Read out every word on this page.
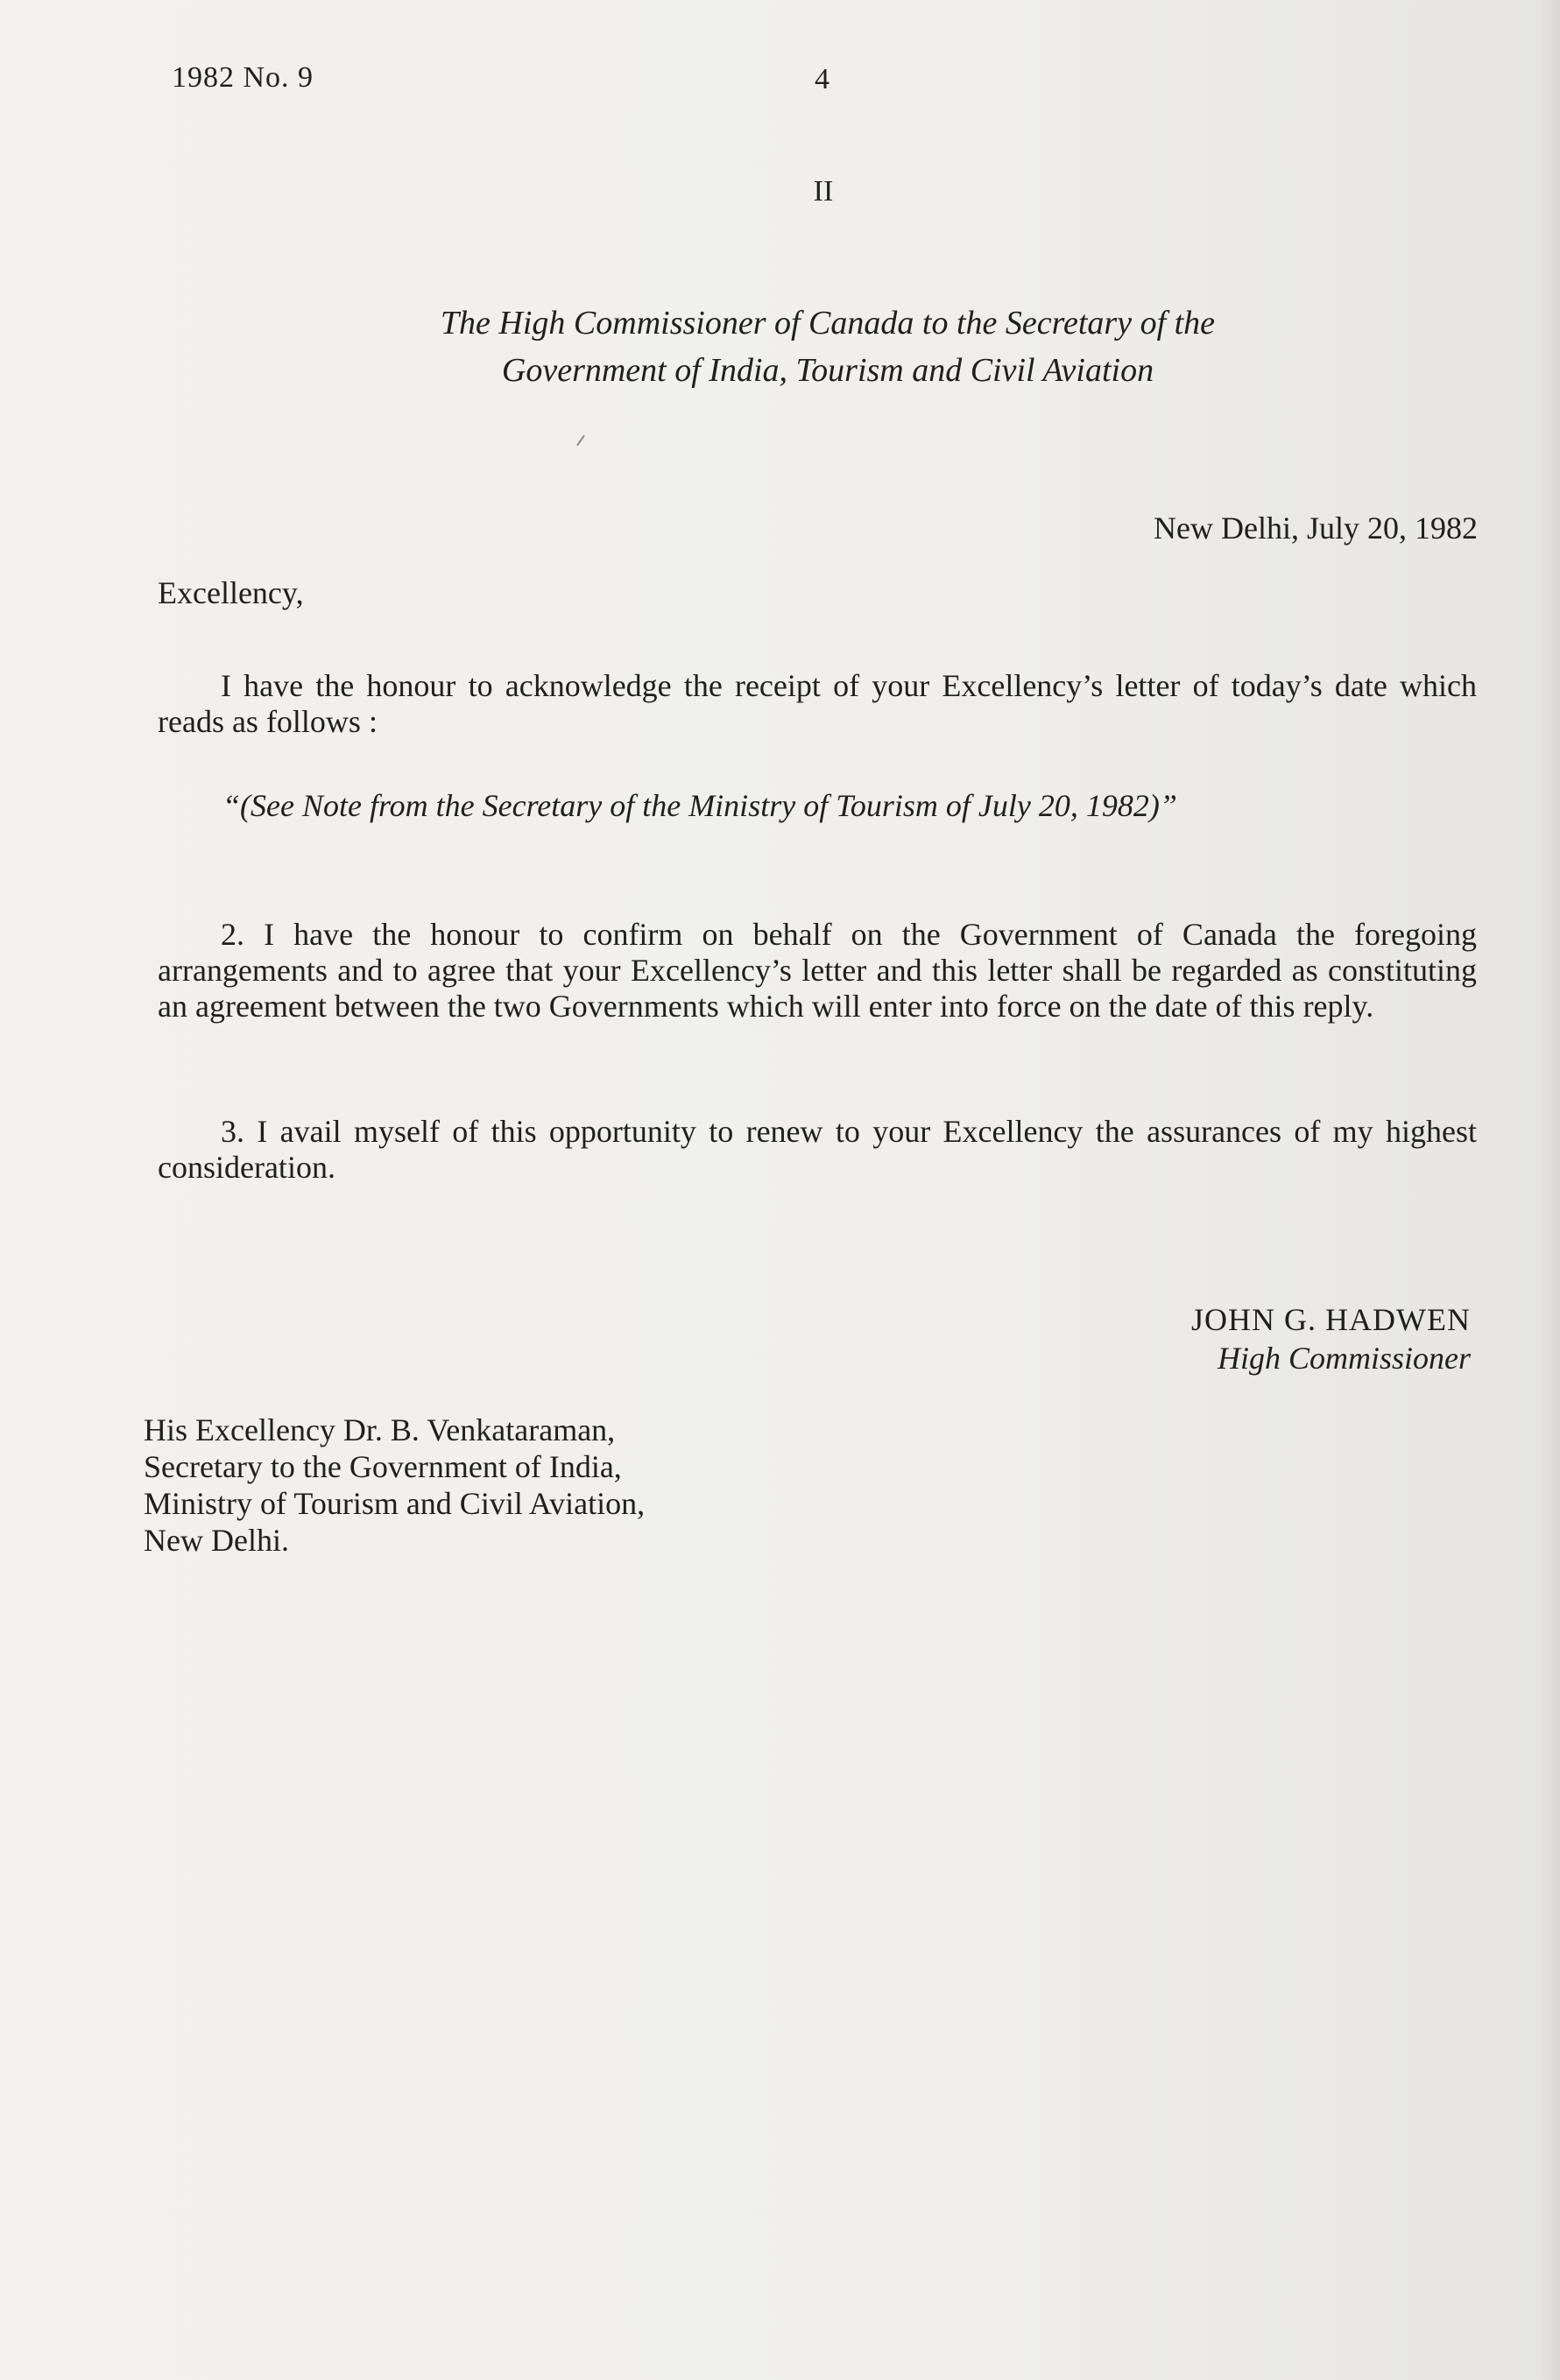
1982 No. 9	4
II
The High Commissioner of Canada to the Secretary of the
Government of India, Tourism and Civil Aviation
New Delhi, July 20, 1982
Excellency,

I have the honour to acknowledge the receipt of your Excellency’s letter of today’s date which reads as follows :

“(See Note from the Secretary of the Ministry of Tourism of July 20, 1982)”

2. I have the honour to confirm on behalf on the Government of Canada the foregoing arrangements and to agree that your Excellency’s letter and this letter shall be regarded as constituting an agreement between the two Governments which will enter into force on the date of this reply.

3. I avail myself of this opportunity to renew to your Excellency the assurances of my highest consideration.

JOHN G. HADWEN
High Commissioner
His Excellency Dr. B. Venkataraman,
Secretary to the Government of India,
Ministry of Tourism and Civil Aviation,
New Delhi.
